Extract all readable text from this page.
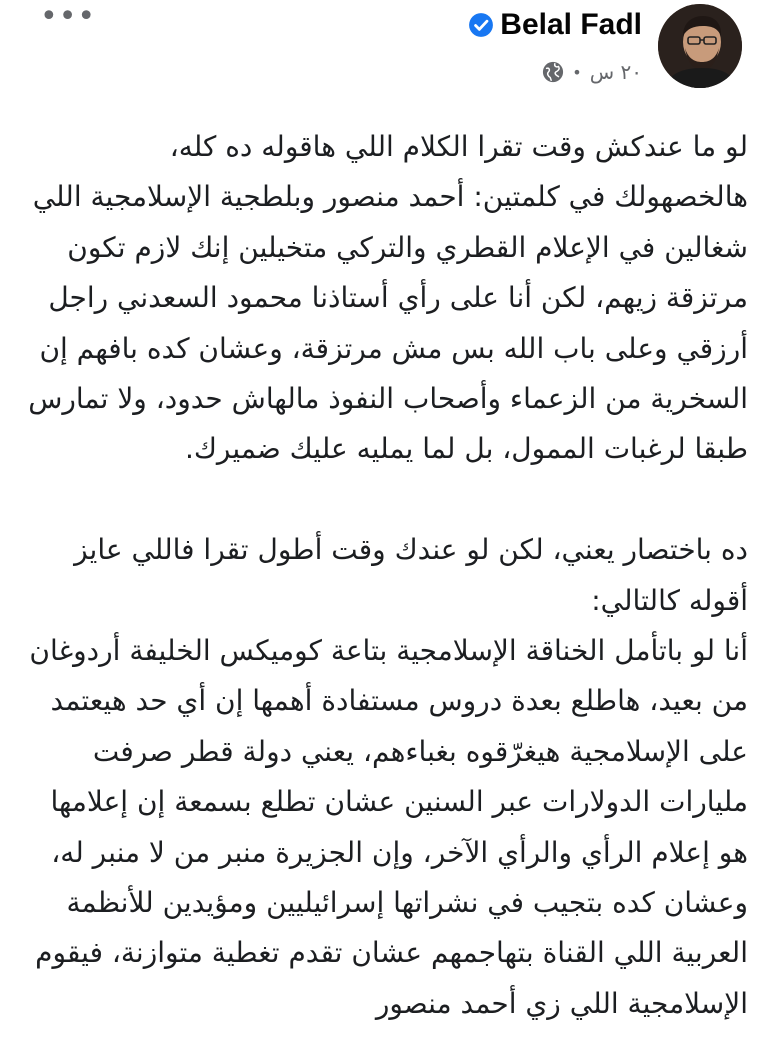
•••	Belal Fadl
• ٢٠ س

لو ما عندكش وقت تقرا الكلام اللي هاقوله ده كله، هالخصهولك في كلمتين: أحمد منصور وبلطجية الإسلامجية اللي شغالين في الإعلام القطري والتركي متخيلين إنك لازم تكون مرتزقة زيهم، لكن أنا على رأي أستاذنا محمود السعدني راجل أرزقي وعلى باب الله بس مش مرتزقة، وعشان كده بافهم إن السخرية من الزعماء وأصحاب النفوذ مالهاش حدود، ولا تمارس طبقا لرغبات الممول، بل لما يمليه عليك ضميرك.

ده باختصار يعني، لكن لو عندك وقت أطول تقرا فاللي عايز أقوله كالتالي:

أنا لو باتأمل الخناقة الإسلامجية بتاعة كوميكس الخليفة أردوغان من بعيد، هاطلع بعدة دروس مستفادة أهمها إن أي حد هيعتمد على الإسلامجية هيغرّقوه بغباءهم، يعني دولة قطر صرفت مليارات الدولارات عبر السنين عشان تطلع بسمعة إن إعلامها هو إعلام الرأي والرأي الآخر، وإن الجزيرة منبر من لا منبر له، وعشان كده بتجيب في نشراتها إسرائيليين ومؤيدين للأنظمة العربية اللي القناة بتهاجمهم عشان تقدم تغطية متوازنة، فيقوم الإسلامجية اللي زي أحمد منصور
